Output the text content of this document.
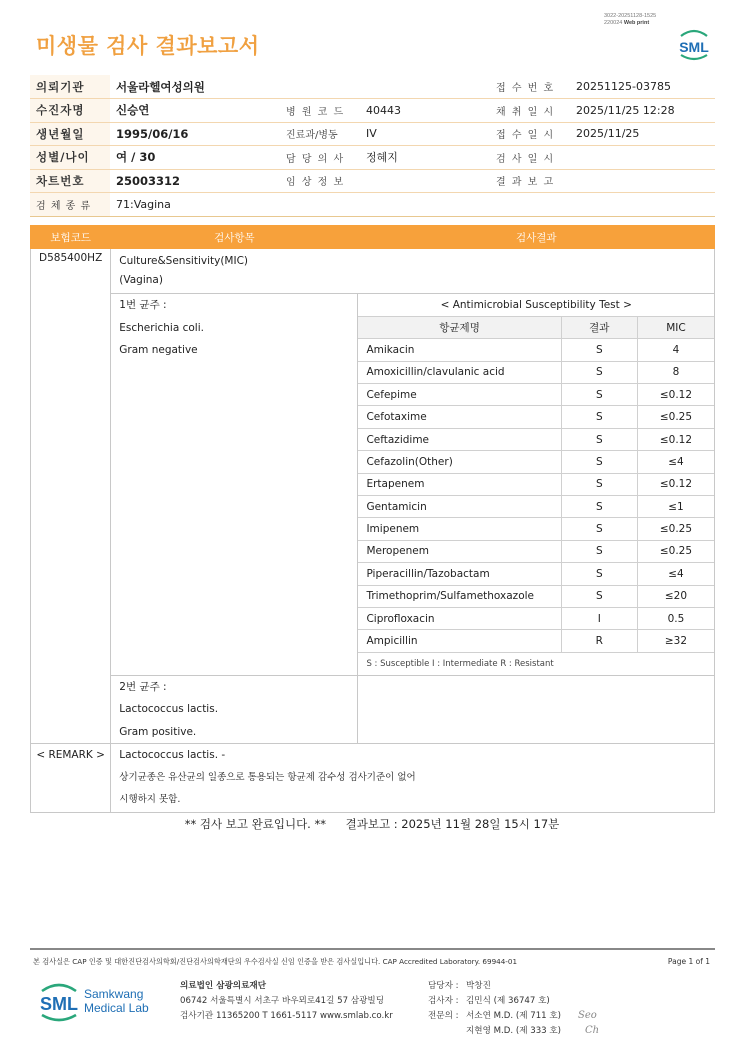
3022-20251128-1525
220024 Web print
미생물 검사 결과보고서	SML
의뢰기관	서울라헬여성의원			접 수 번 호	20251125-03785
수진자명	신승연	병 원 코 드	40443	채 취 일 시	2025/11/25 12:28
생년월일	1995/06/16	진료과/병동	IV	접 수 일 시	2025/11/25
성별/나이	여 / 30	담 당 의 사	정혜지	검 사 일 시	
차트번호	25003312	임 상 정 보		결 과 보 고	
검 체 종 류	71:Vagina				
보험코드	검사항목	검사결과
D585400HZ	Culture&Sensitivity(MIC)
(Vagina)

1번 균주 :
Escherichia coli.
Gram negative

< Antimicrobial Susceptibility Test >
항균제명	결과	MIC
Amikacin	S	4
Amoxicillin/clavulanic acid	S	8
Cefepime	S	≤0.12
Cefotaxime	S	≤0.25
Ceftazidime	S	≤0.12
Cefazolin(Other)	S	≤4
Ertapenem	S	≤0.12
Gentamicin	S	≤1
Imipenem	S	≤0.25
Meropenem	S	≤0.25
Piperacillin/Tazobactam	S	≤4
Trimethoprim/Sulfamethoxazole	S	≤20
Ciprofloxacin	I	0.5
Ampicillin	R	≥32
S : Susceptible I : Intermediate R : Resistant

2번 균주 :
Lactococcus lactis.
Gram positive.

< REMARK >	Lactococcus lactis. -
상기균종은 유산균의 일종으로 통용되는 항균제 감수성 검사기준이 없어
시행하지 못함.
** 검사 보고 완료입니다. ** 결과보고 : 2025년 11월 28일 15시 17분
본 검사실은 CAP 인증 및 대한진단검사의학회/진단검사의학재단의 우수검사실 신임 인증을 받은 검사실입니다. CAP Accredited Laboratory. 69944-01	Page 1 of 1
SML Samkwang
Medical Lab
의료법인 삼광의료재단
06742 서울특별시 서초구 바우뫼로41길 57 삼광빌딩
검사기관 11365200 T 1661-5117 www.smlab.co.kr
담당자 : 박창진
검사자 : 김민식 (제 36747 호)
전문의 : 서소연 M.D. (제 711 호)
지현영 M.D. (제 333 호)
Seo
Ch
